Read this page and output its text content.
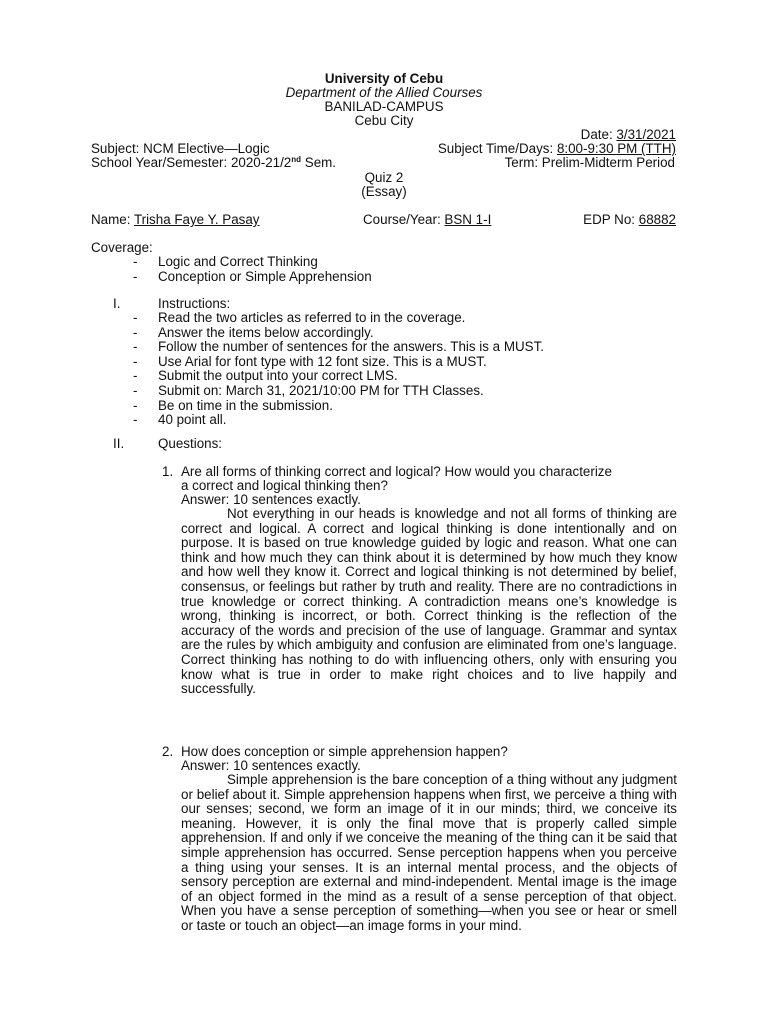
University of Cebu
Department of the Allied Courses
BANILAD-CAMPUS
Cebu City
Date: 3/31/2021
Subject: NCM Elective—Logic	Subject Time/Days: 8:00-9:30 PM (TTH)
School Year/Semester: 2020-21/2nd Sem.	Term: Prelim-Midterm Period
Quiz 2
(Essay)
Name: Trisha Faye Y. Pasay	Course/Year: BSN 1-I	EDP No: 68882
Coverage:
- Logic and Correct Thinking
- Conception or Simple Apprehension
I.	Instructions:
- Read the two articles as referred to in the coverage.
- Answer the items below accordingly.
- Follow the number of sentences for the answers. This is a MUST.
- Use Arial for font type with 12 font size. This is a MUST.
- Submit the output into your correct LMS.
- Submit on: March 31, 2021/10:00 PM for TTH Classes.
- Be on time in the submission.
- 40 point all.
II.	Questions:
1. Are all forms of thinking correct and logical? How would you characterize
a correct and logical thinking then?
Answer: 10 sentences exactly.

Not everything in our heads is knowledge and not all forms of thinking are correct and logical. A correct and logical thinking is done intentionally and on purpose. It is based on true knowledge guided by logic and reason. What one can think and how much they can think about it is determined by how much they know and how well they know it. Correct and logical thinking is not determined by belief, consensus, or feelings but rather by truth and reality. There are no contradictions in true knowledge or correct thinking. A contradiction means one’s knowledge is wrong, thinking is incorrect, or both. Correct thinking is the reflection of the accuracy of the words and precision of the use of language. Grammar and syntax are the rules by which ambiguity and confusion are eliminated from one’s language. Correct thinking has nothing to do with influencing others, only with ensuring you know what is true in order to make right choices and to live happily and successfully.

2. How does conception or simple apprehension happen?
Answer: 10 sentences exactly.

Simple apprehension is the bare conception of a thing without any judgment or belief about it. Simple apprehension happens when first, we perceive a thing with our senses; second, we form an image of it in our minds; third, we conceive its meaning. However, it is only the final move that is properly called simple apprehension. If and only if we conceive the meaning of the thing can it be said that simple apprehension has occurred. Sense perception happens when you perceive a thing using your senses. It is an internal mental process, and the objects of sensory perception are external and mind-independent. Mental image is the image of an object formed in the mind as a result of a sense perception of that object. When you have a sense perception of something—when you see or hear or smell or taste or touch an object—an image forms in your mind.
